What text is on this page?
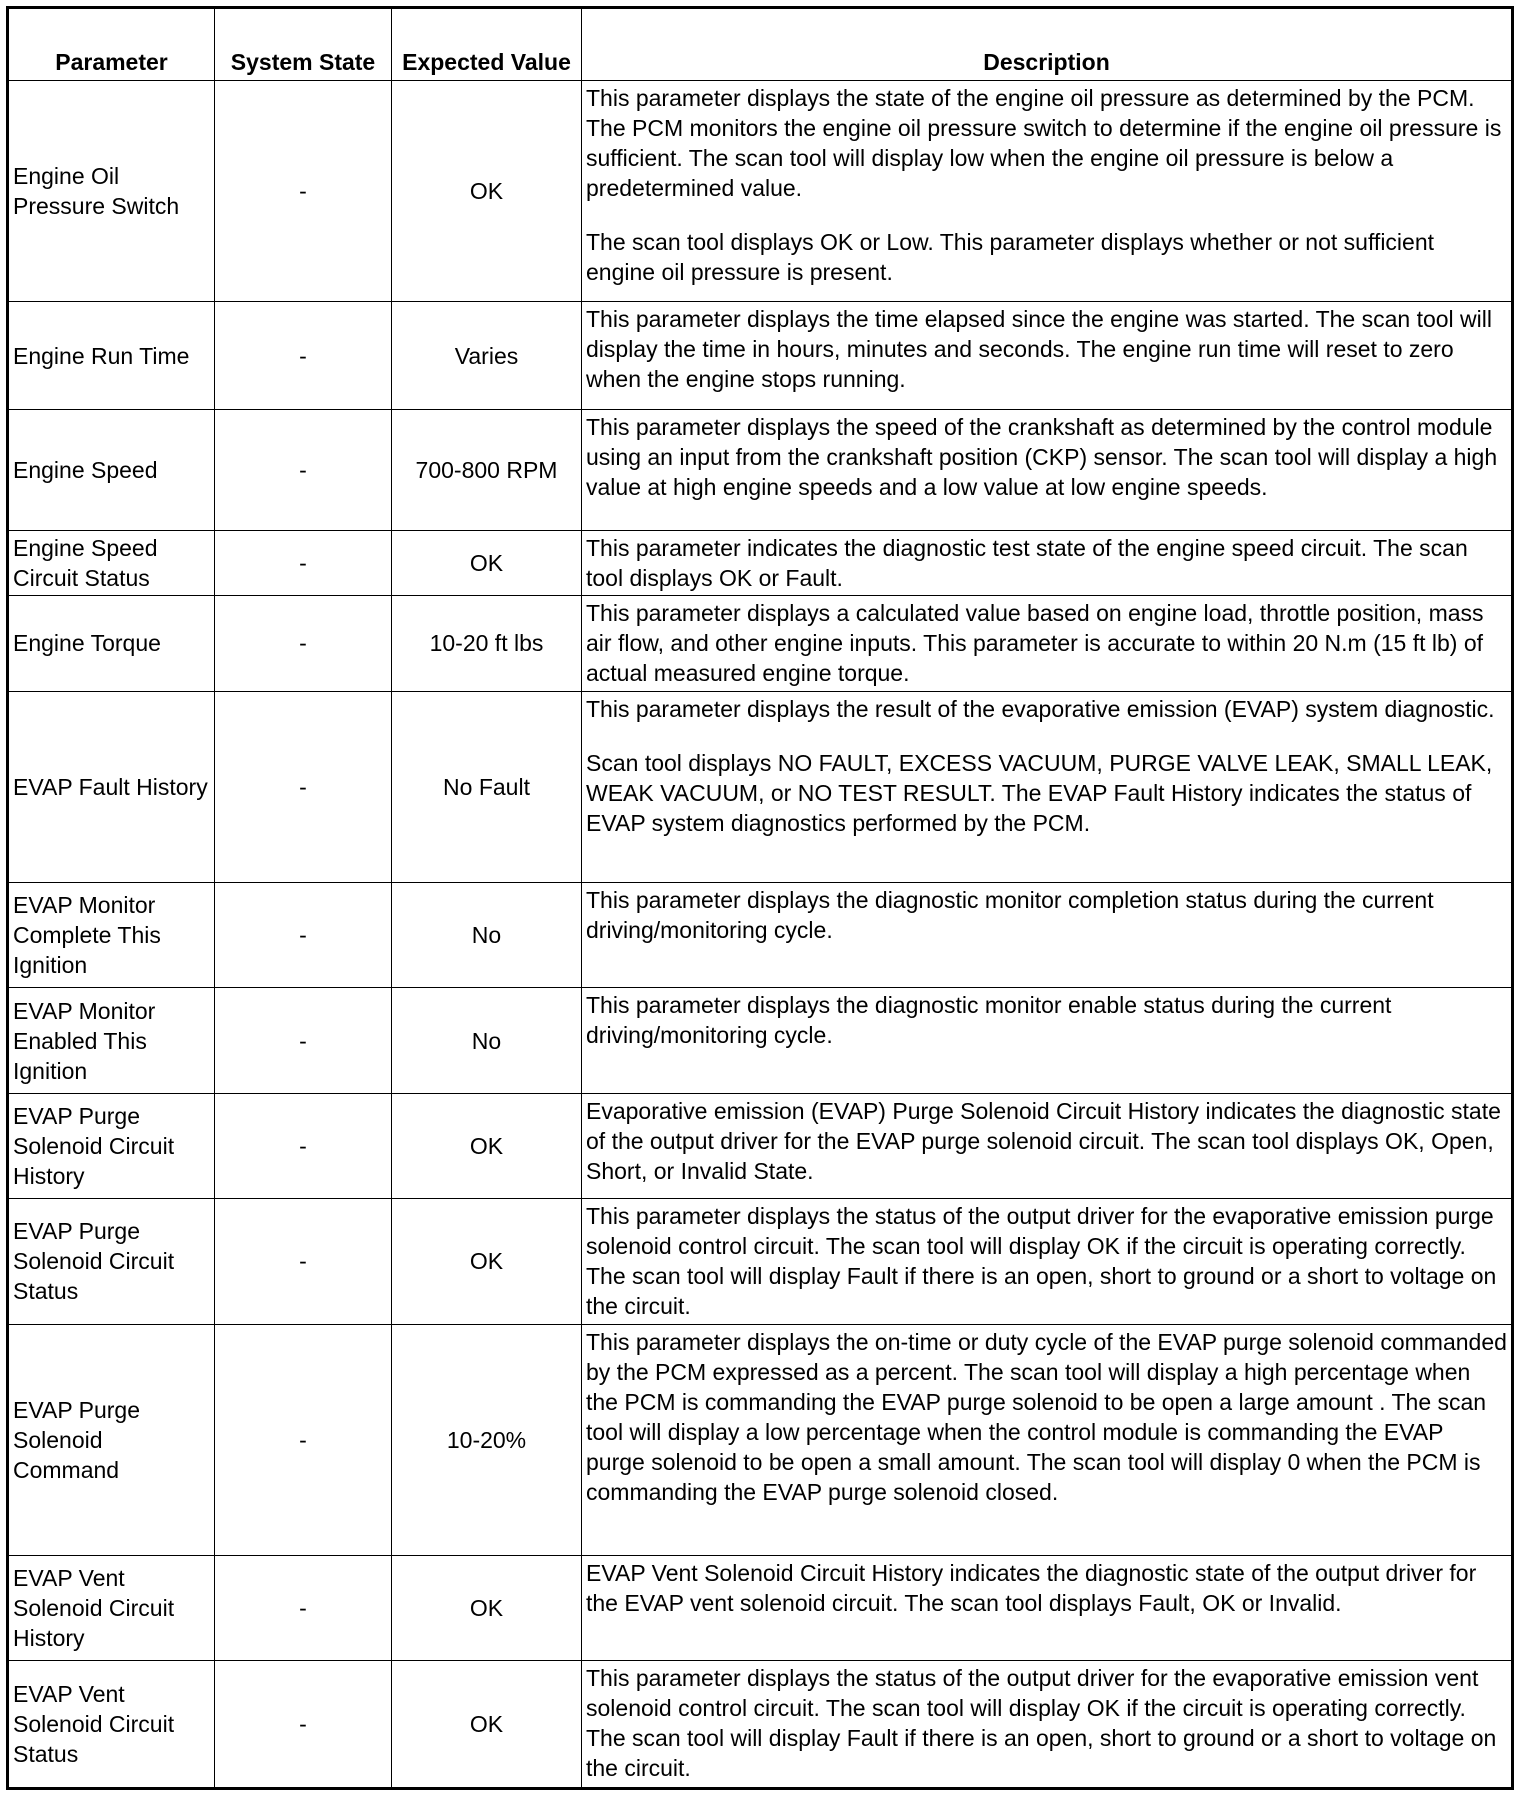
Parameter	System State	Expected Value	Description
Engine Oil Pressure Switch	-	OK	This parameter displays the state of the engine oil pressure as determined by the PCM. The PCM monitors the engine oil pressure switch to determine if the engine oil pressure is sufficient. The scan tool will display low when the engine oil pressure is below a predetermined value.

The scan tool displays OK or Low. This parameter displays whether or not sufficient engine oil pressure is present.

Engine Run Time	-	Varies	This parameter displays the time elapsed since the engine was started. The scan tool will display the time in hours, minutes and seconds. The engine run time will reset to zero when the engine stops running.

Engine Speed	-	700-800 RPM	This parameter displays the speed of the crankshaft as determined by the control module using an input from the crankshaft position (CKP) sensor. The scan tool will display a high value at high engine speeds and a low value at low engine speeds.

Engine Speed Circuit Status	-	OK	This parameter indicates the diagnostic test state of the engine speed circuit. The scan tool displays OK or Fault.

Engine Torque	-	10-20 ft lbs	This parameter displays a calculated value based on engine load, throttle position, mass air flow, and other engine inputs. This parameter is accurate to within 20 N.m (15 ft lb) of actual measured engine torque.

EVAP Fault History	-	No Fault	This parameter displays the result of the evaporative emission (EVAP) system diagnostic.

Scan tool displays NO FAULT, EXCESS VACUUM, PURGE VALVE LEAK, SMALL LEAK, WEAK VACUUM, or NO TEST RESULT. The EVAP Fault History indicates the status of EVAP system diagnostics performed by the PCM.

EVAP Monitor Complete This Ignition	-	No	This parameter displays the diagnostic monitor completion status during the current driving/monitoring cycle.

EVAP Monitor Enabled This Ignition	-	No	This parameter displays the diagnostic monitor enable status during the current driving/monitoring cycle.

EVAP Purge Solenoid Circuit History	-	OK	Evaporative emission (EVAP) Purge Solenoid Circuit History indicates the diagnostic state of the output driver for the EVAP purge solenoid circuit. The scan tool displays OK, Open, Short, or Invalid State.

EVAP Purge Solenoid Circuit Status	-	OK	This parameter displays the status of the output driver for the evaporative emission purge solenoid control circuit. The scan tool will display OK if the circuit is operating correctly. The scan tool will display Fault if there is an open, short to ground or a short to voltage on the circuit.

EVAP Purge Solenoid Command	-	10-20%	This parameter displays the on-time or duty cycle of the EVAP purge solenoid commanded by the PCM expressed as a percent. The scan tool will display a high percentage when the PCM is commanding the EVAP purge solenoid to be open a large amount . The scan tool will display a low percentage when the control module is commanding the EVAP purge solenoid to be open a small amount. The scan tool will display 0 when the PCM is commanding the EVAP purge solenoid closed.

EVAP Vent Solenoid Circuit History	-	OK	EVAP Vent Solenoid Circuit History indicates the diagnostic state of the output driver for the EVAP vent solenoid circuit. The scan tool displays Fault, OK or Invalid.

EVAP Vent Solenoid Circuit Status	-	OK	This parameter displays the status of the output driver for the evaporative emission vent solenoid control circuit. The scan tool will display OK if the circuit is operating correctly. The scan tool will display Fault if there is an open, short to ground or a short to voltage on the circuit.
